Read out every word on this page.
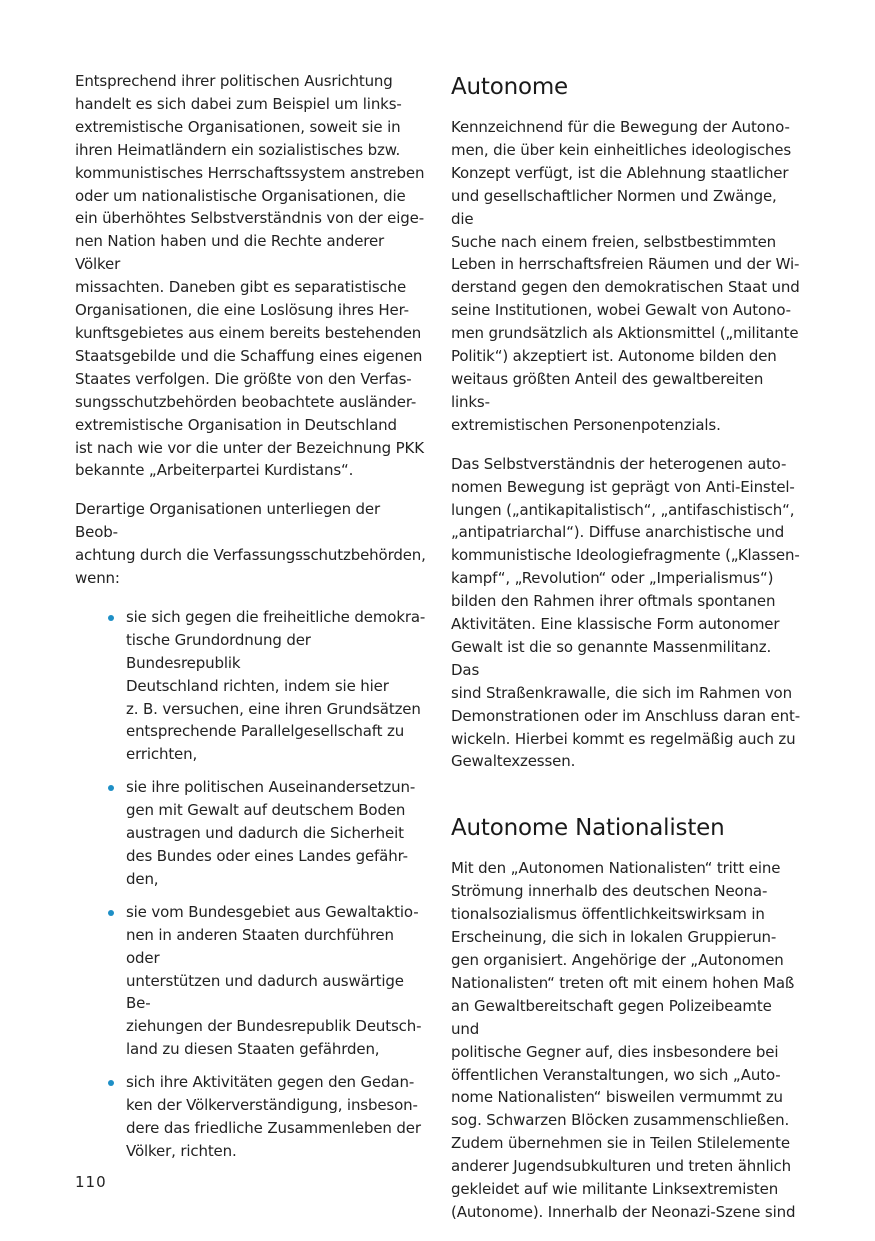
Entsprechend ihrer politischen Ausrichtung
handelt es sich dabei zum Beispiel um links-
extremistische Organisationen, soweit sie in
ihren Heimatländern ein sozialistisches bzw.
kommunistisches Herrschaftssystem anstreben
oder um nationalistische Organisationen, die
ein überhöhtes Selbstverständnis von der eige-
nen Nation haben und die Rechte anderer Völker
missachten. Daneben gibt es separatistische
Organisationen, die eine Loslösung ihres Her-
kunftsgebietes aus einem bereits bestehenden
Staatsgebilde und die Schaffung eines eigenen
Staates verfolgen. Die größte von den Verfas-
sungsschutzbehörden beobachtete ausländer-
extremistische Organisation in Deutschland
ist nach wie vor die unter der Bezeichnung PKK
bekannte „Arbeiterpartei Kurdistans“.

Derartige Organisationen unterliegen der Beob-
achtung durch die Verfassungsschutzbehörden,
wenn:

sie sich gegen die freiheitliche demokra-
tische Grundordnung der Bundesrepublik
Deutschland richten, indem sie hier
z. B. versuchen, eine ihren Grundsätzen
entsprechende Parallelgesellschaft zu
errichten,
sie ihre politischen Auseinandersetzun-
gen mit Gewalt auf deutschem Boden
austragen und dadurch die Sicherheit
des Bundes oder eines Landes gefähr-
den,
sie vom Bundesgebiet aus Gewaltaktio-
nen in anderen Staaten durchführen oder
unterstützen und dadurch auswärtige Be-
ziehungen der Bundesrepublik Deutsch-
land zu diesen Staaten gefährden,
sich ihre Aktivitäten gegen den Gedan-
ken der Völkerverständigung, insbeson-
dere das friedliche Zusammenleben der
Völker, richten.
Autonome

Kennzeichnend für die Bewegung der Autono-
men, die über kein einheitliches ideologisches
Konzept verfügt, ist die Ablehnung staatlicher
und gesellschaftlicher Normen und Zwänge, die
Suche nach einem freien, selbstbestimmten
Leben in herrschaftsfreien Räumen und der Wi-
derstand gegen den demokratischen Staat und
seine Institutionen, wobei Gewalt von Autono-
men grundsätzlich als Aktionsmittel („militante
Politik“) akzeptiert ist. Autonome bilden den
weitaus größten Anteil des gewaltbereiten links-
extremistischen Personenpotenzials.

Das Selbstverständnis der heterogenen auto-
nomen Bewegung ist geprägt von Anti-Einstel-
lungen („antikapitalistisch“, „antifaschistisch“,
„antipatriarchal“). Diffuse anarchistische und
kommunistische Ideologiefragmente („Klassen-
kampf“, „Revolution“ oder „Imperialismus“)
bilden den Rahmen ihrer oftmals spontanen
Aktivitäten. Eine klassische Form autonomer
Gewalt ist die so genannte Massenmilitanz. Das
sind Straßenkrawalle, die sich im Rahmen von
Demonstrationen oder im Anschluss daran ent-
wickeln. Hierbei kommt es regelmäßig auch zu
Gewaltexzessen.

Autonome Nationalisten

Mit den „Autonomen Nationalisten“ tritt eine
Strömung innerhalb des deutschen Neona-
tionalsozialismus öffentlichkeitswirksam in
Erscheinung, die sich in lokalen Gruppierun-
gen organisiert. Angehörige der „Autonomen
Nationalisten“ treten oft mit einem hohen Maß
an Gewaltbereitschaft gegen Polizeibeamte und
politische Gegner auf, dies insbesondere bei
öffentlichen Veranstaltungen, wo sich „Auto-
nome Nationalisten“ bisweilen vermummt zu
sog. Schwarzen Blöcken zusammenschließen.
Zudem übernehmen sie in Teilen Stilelemente
anderer Jugendsubkulturen und treten ähnlich
gekleidet auf wie militante Linksextremisten
(Autonome). Innerhalb der Neonazi-Szene sind

110
